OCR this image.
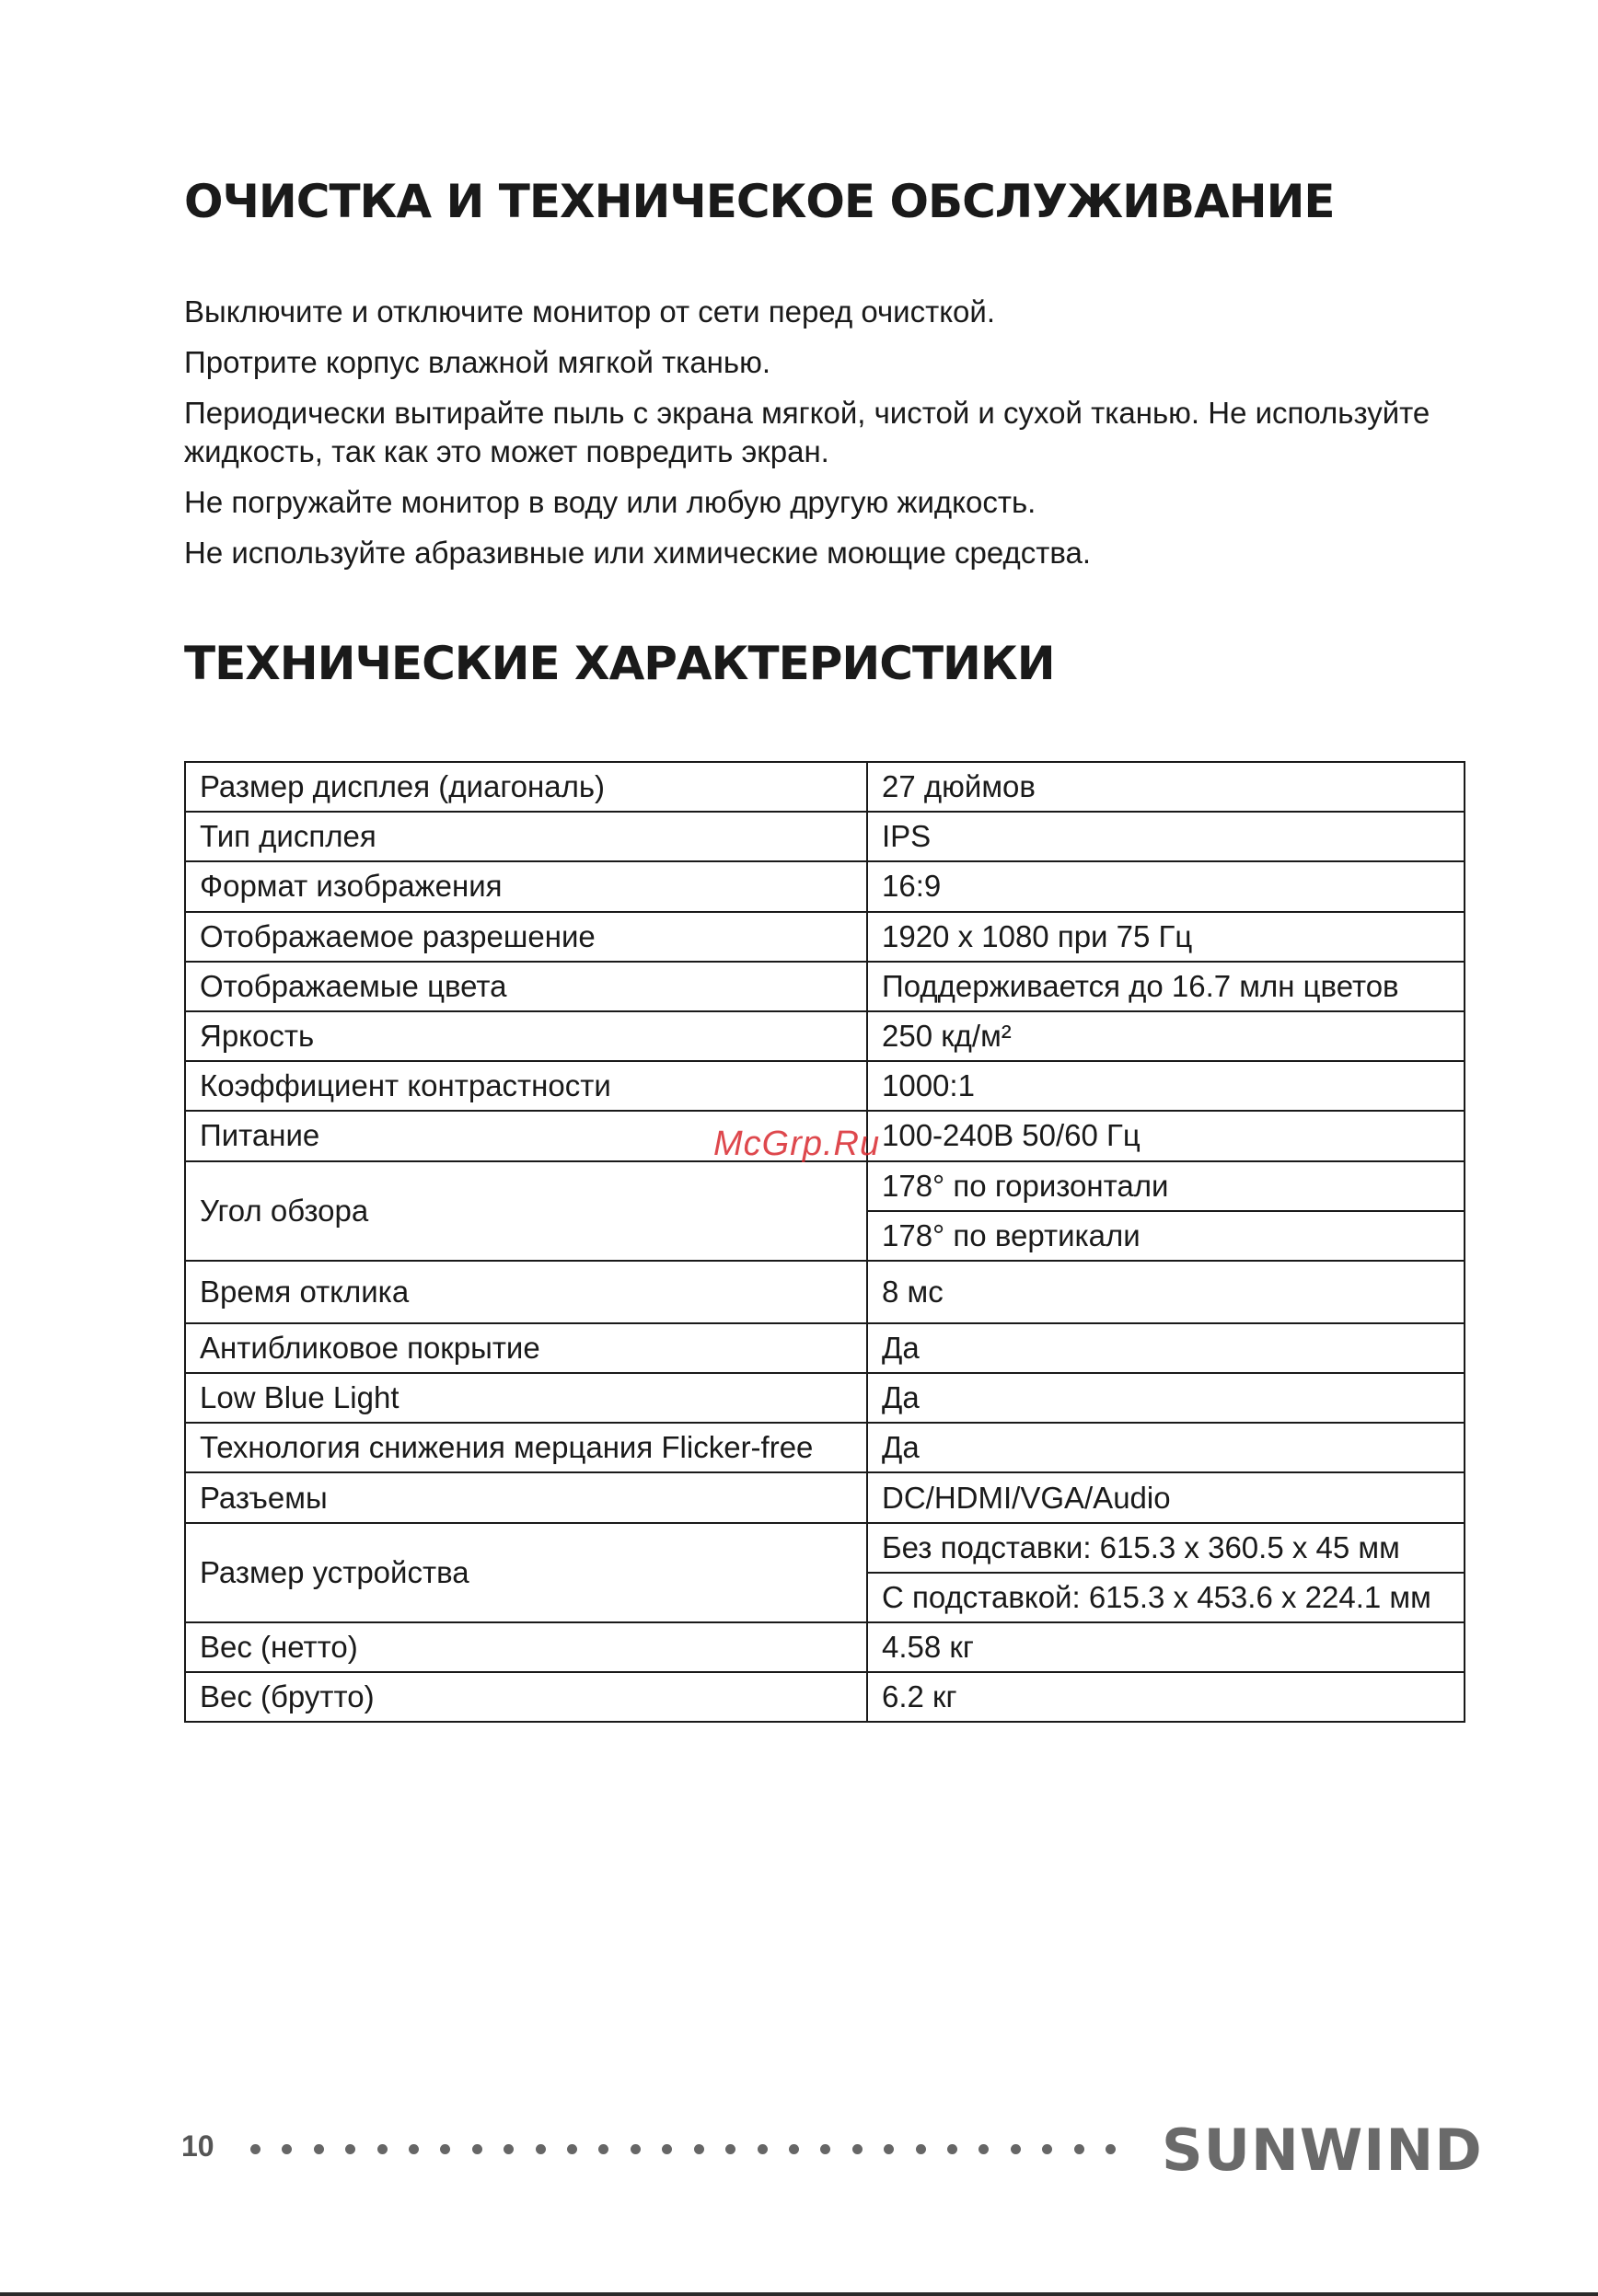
ОЧИСТКА И ТЕХНИЧЕСКОЕ ОБСЛУЖИВАНИЕ

Выключите и отключите монитор от сети перед очисткой.

Протрите корпус влажной мягкой тканью.

Периодически вытирайте пыль с экрана мягкой, чистой и сухой тканью. Не используйте жидкость, так как это может повредить экран.

Не погружайте монитор в воду или любую другую жидкость.

Не используйте абразивные или химические моющие средства.

ТЕХНИЧЕСКИЕ ХАРАКТЕРИСТИКИ
Размер дисплея (диагональ)	27 дюймов
Тип дисплея	IPS
Формат изображения	16:9
Отображаемое разрешение	1920 x 1080 при 75 Гц
Отображаемые цвета	Поддерживается до 16.7 млн цветов
Яркость	250 кд/м²
Коэффициент контрастности	1000:1
Питание	100-240В 50/60 Гц
Угол обзора	178° по горизонтали
	178° по вертикали
Время отклика	8 мс
Антибликовое покрытие	Да
Low Blue Light	Да
Технология снижения мерцания Flicker-free	Да
Разъемы	DC/HDMI/VGA/Audio
Размер устройства	Без подставки: 615.3 x 360.5 x 45 мм
	С подставкой: 615.3 x 453.6 x 224.1 мм
Вес (нетто)	4.58 кг
Вес (брутто)	6.2 кг
McGrp.Ru
10	SUNWIND
